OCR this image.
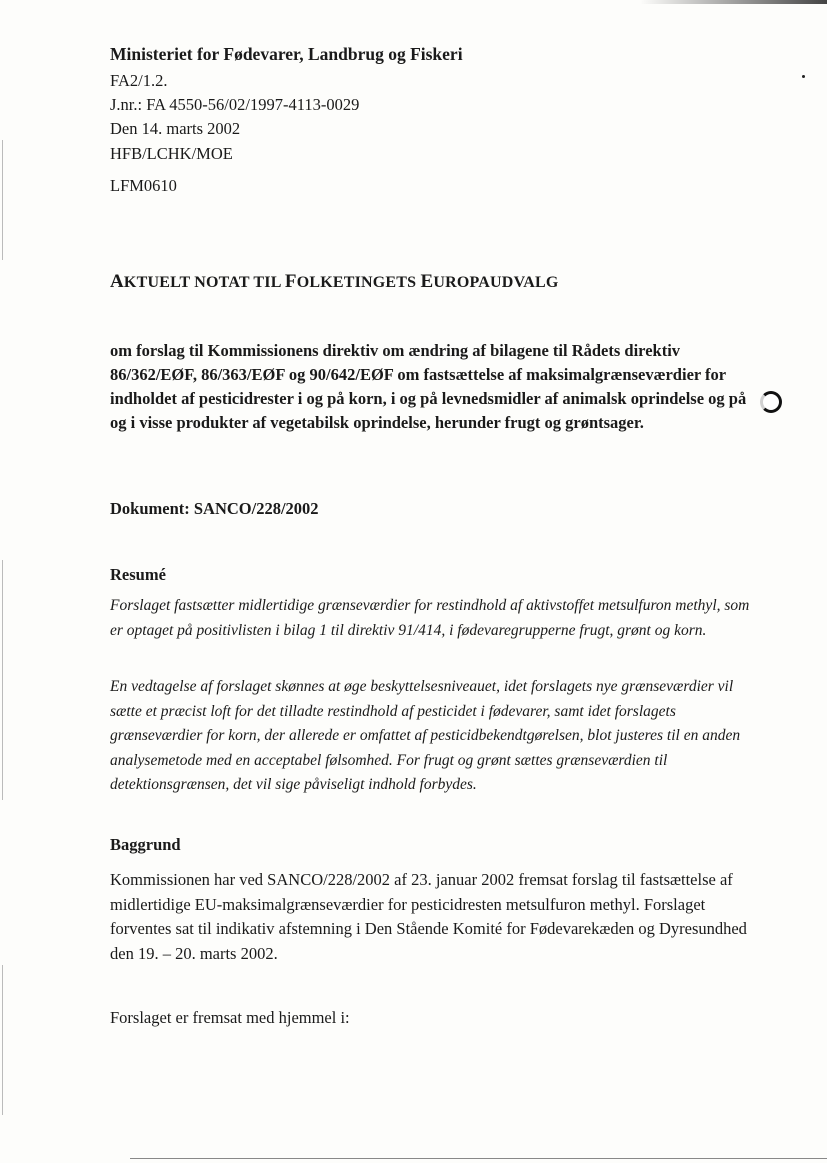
Ministeriet for Fødevarer, Landbrug og Fiskeri
FA2/1.2.
J.nr.: FA 4550-56/02/1997-4113-0029
Den 14. marts 2002
HFB/LCHK/MOE
LFM0610
AKTUELT NOTAT TIL FOLKETINGETS EUROPAUDVALG
om forslag til Kommissionens direktiv om ændring af bilagene til Rådets direktiv 86/362/EØF, 86/363/EØF og 90/642/EØF om fastsættelse af maksimalgrænseværdier for indholdet af pesticidrester i og på korn, i og på levnedsmidler af animalsk oprindelse og på og i visse produkter af vegetabilsk oprindelse, herunder frugt og grøntsager.
Dokument: SANCO/228/2002
Resumé
Forslaget fastsætter midlertidige grænseværdier for restindhold af aktivstoffet metsulfuron methyl, som er optaget på positivlisten i bilag 1 til direktiv 91/414, i fødevaregrupperne frugt, grønt og korn.
En vedtagelse af forslaget skønnes at øge beskyttelsesniveauet, idet forslagets nye grænseværdier vil sætte et præcist loft for det tilladte restindhold af pesticidet i fødevarer, samt idet forslagets grænseværdier for korn, der allerede er omfattet af pesticidbekendtgørelsen, blot justeres til en anden analysemetode med en acceptabel følsomhed. For frugt og grønt sættes grænseværdien til detektionsgrænsen, det vil sige påviseligt indhold forbydes.
Baggrund
Kommissionen har ved SANCO/228/2002 af 23. januar 2002 fremsat forslag til fastsættelse af midlertidige EU-maksimalgrænseværdier for pesticidresten metsulfuron methyl. Forslaget forventes sat til indikativ afstemning i Den Stående Komité for Fødevarekæden og Dyresundhed den 19. – 20. marts 2002.
Forslaget er fremsat med hjemmel i:
